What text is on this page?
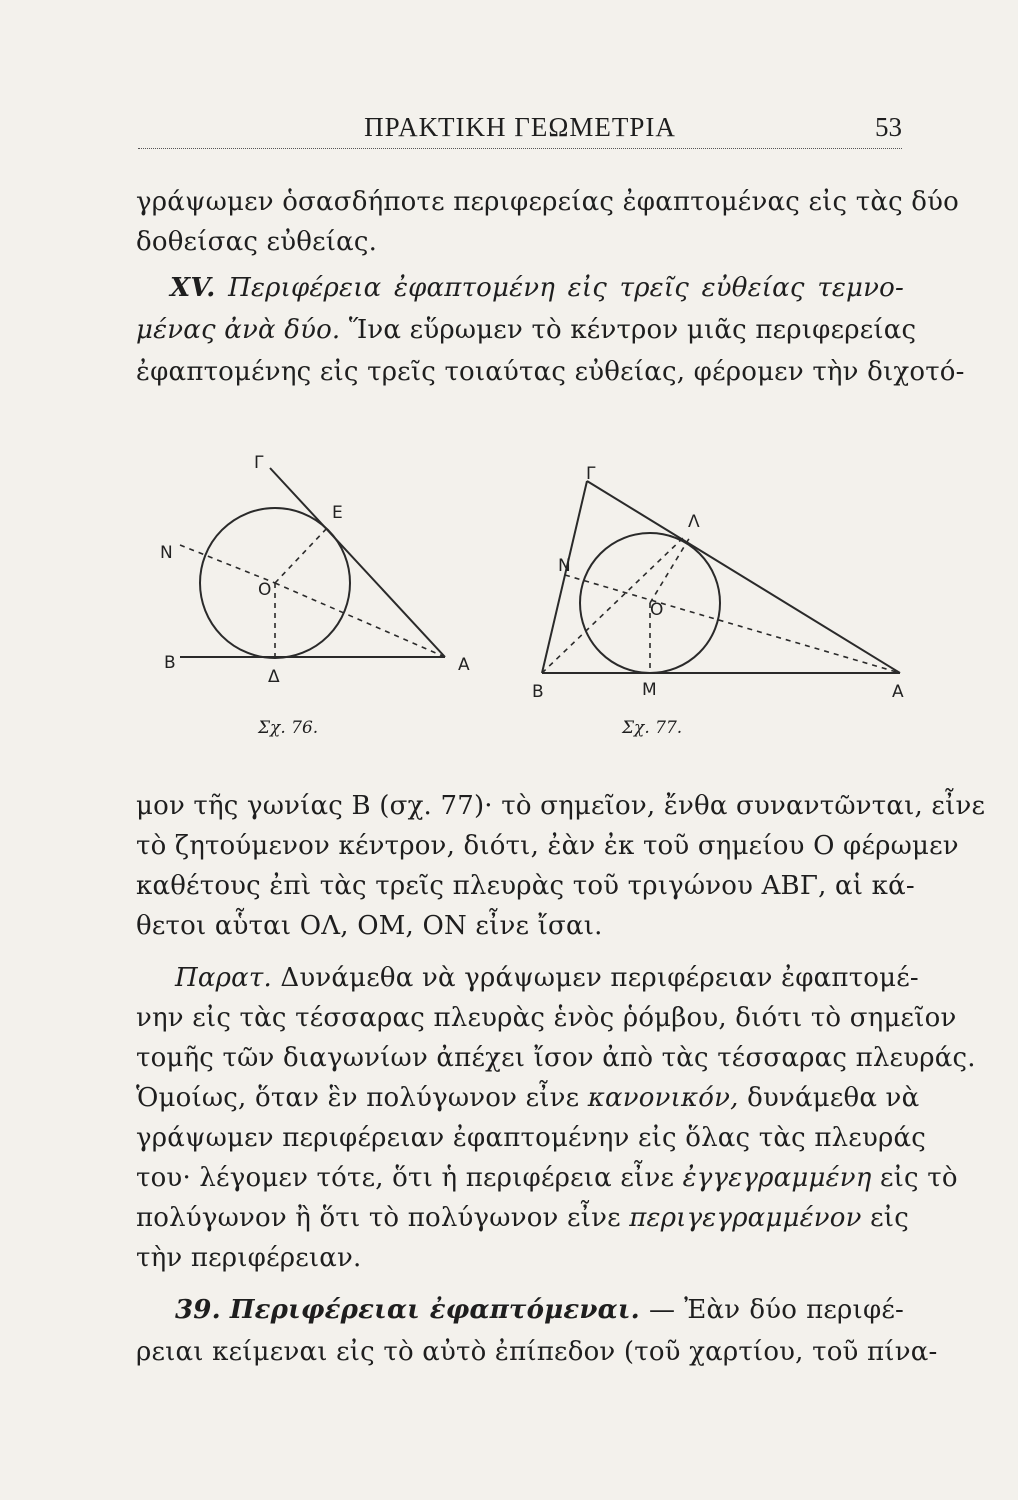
ΠΡΑΚΤΙΚΗ ΓΕΩΜΕΤΡΙΑ	53
γράψωμεν ὁσασδήποτε περιφερείας ἐφαπτομένας εἰς τὰς δύο
δοθείσας εὐθείας.
XV. Περιφέρεια ἐφαπτομένη εἰς τρεῖς εὐθείας τεμνο-
μένας ἀνὰ δύο. Ἵνα εὕρωμεν τὸ κέντρον μιᾶς περιφερείας
ἐφαπτομένης εἰς τρεῖς τοιαύτας εὐθείας, φέρομεν τὴν διχοτό-
Γ
Ε
Ν
Ο
Β
Δ
Α
Σχ. 76.
Γ
Λ
Ν
Ο
Β	Μ	Α
Σχ. 77.
μον τῆς γωνίας Β (σχ. 77)· τὸ σημεῖον, ἔνθα συναντῶνται, εἶνε
τὸ ζητούμενον κέντρον, διότι, ἐὰν ἐκ τοῦ σημείου Ο φέρωμεν
καθέτους ἐπὶ τὰς τρεῖς πλευρὰς τοῦ τριγώνου ΑΒΓ, αἱ κά-
θετοι αὗται ΟΛ, ΟΜ, ΟΝ εἶνε ἴσαι.
Παρατ. Δυνάμεθα νὰ γράψωμεν περιφέρειαν ἐφαπτομέ-
νην εἰς τὰς τέσσαρας πλευρὰς ἑνὸς ῥόμβου, διότι τὸ σημεῖον
τομῆς τῶν διαγωνίων ἀπέχει ἴσον ἀπὸ τὰς τέσσαρας πλευράς.
Ὁμοίως, ὅταν ἓν πολύγωνον εἶνε κανονικόν, δυνάμεθα νὰ
γράψωμεν περιφέρειαν ἐφαπτομένην εἰς ὅλας τὰς πλευράς
του· λέγομεν τότε, ὅτι ἡ περιφέρεια εἶνε ἐγγεγραμμένη εἰς τὸ
πολύγωνον ἢ ὅτι τὸ πολύγωνον εἶνε περιγεγραμμένον εἰς
τὴν περιφέρειαν.
39. Περιφέρειαι ἐφαπτόμεναι. — Ἐὰν δύο περιφέ-
ρειαι κείμεναι εἰς τὸ αὐτὸ ἐπίπεδον (τοῦ χαρτίου, τοῦ πίνα-
